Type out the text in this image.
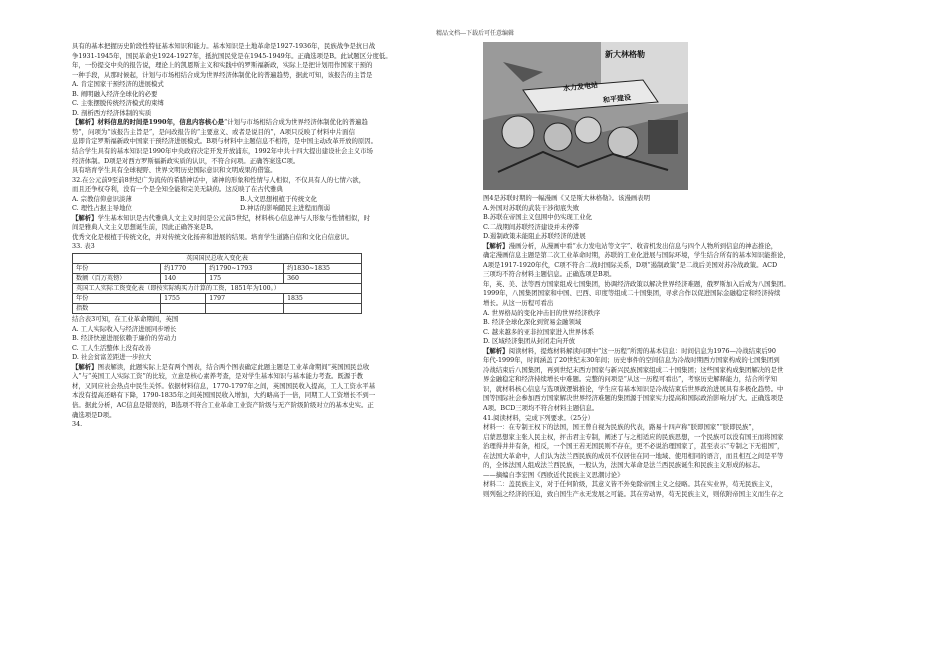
精品文档---下载后可任意编辑

具有的基本把握历史阶段性特征基本知识和能力。基本知识是土地革命是1927-1936年，民族战争是抗日战

争1931-1945年，国民革命史1924-1927年，抵抗国民党是在1945-1949年。正确选项是B。此试题区分度低。

年，一份提交中央的报告说，理论上的凯恩斯主义和实践中的罗斯福新政，实际上是把计划用作国家干预的

一种手段，从那时候起，计划与市场相结合成为世界经济体制优化的普遍趋势，据此可知，该报告的主旨是

A. 肯定国家干预经济的进展模式

B. 阐明融入经济全球化的必要

C. 主张摆脱传统经济模式的束缚

D. 剖析西方经济体制的实质

【解析】材料信息的时间是1990年，信息内容核心是“计划与市场相结合成为世界经济体制优化的普遍趋

势”，问项为“该报告主旨是”，是问改报告的“主要意义、或者是说目的”，A项只反映了材料中片面信

息即肯定罗斯福新政中国家干预经济进展模式。B项与材料中主题信息不相符，是中国主动改革开放的原因。

结合学生具有的基本知识是1990年中央政府决定开发开放浦东，1992年中共十四大提出建设社会主义市场

经济体制。D项是对西方罗斯福新政实质的认识，不符合问项。正确答案选C项。

具有培育学生具有全球视野、世界文明历史国际意识和文明成果的借鉴。

32.在公元前9至前8世纪广为流传的希腊神话中，诸神的形象和性情与人相似，不仅具有人的七情六欲，

而且还争权夺利，没有一个是全知全能和完美无缺的。这反映了在古代雅典

A. 宗教信仰意识淡薄	B.人文思想根植于传统文化

C. 理性占据主导地位	D.神话的影响随民主进程而削弱

【解析】学生基本知识是古代雅典人文主义时间是公元前5世纪，材料核心信息神与人形象与性情相似，时

间是雅典人文主义思想诞生前，因此正确答案是B。

优秀文化是根植于传统文化，并对传统文化扬弃和进展的结果。培育学生道路自信和文化自信意识。

33. 表3

英国国民总收入变化表			
年份	约1770	约1790~1793	约1830~1835
数额（百万英镑）	140	175	360
英国工人实际工资变化表（即按实际购买力计算的工资，1851年为100。）			
年份	1755	1797	1835
指数			

结合表3可知，在工业革命期间，英国

A. 工人实际收入与经济进展同步增长

B. 经济快速进展依赖于廉价的劳动力

C. 工人生活整体上没有改善

D. 社会贫富差距进一步拉大

【解析】图表解读，此题实际上是有两个图表，结合两个图表确定此题主题是工业革命期间“英国国民总收

入”与“英国工人实际工资”的比较，立意是核心素养考查，是对学生基本知识与基本能力考查。既源于教

材，又同应社会热点中民生关怀。依据材料信息，1770-1797年之间，英国国民收入提高，工人工资水平基

本没有提高还略有下降，1790-1835年之间英国国民收入增加，大约略高于一倍，同期工人工资增长不到一

倍。据此分析，AC信息是错误的，B选项不符合工业革命工业资产阶级与无产阶级阶级对立的基本史实。正

确选项是D项。

34.

新大林格勒
水力发电站
和平建设

图4是苏联时期的一幅漫画《又是斯大林格勒》。该漫画表明

A.外国对苏联的武装干涉彻底失败

B.苏联在帝国主义包围中仍实现工业化

C.二战期间苏联经济建设并未停滞

D.遏制政策未能阻止苏联经济的进展

【解析】漫画分析，从漫画中看“水力发电站等文字”、收音机发出信息与四个人物所到信息的神态推论，

确定漫画信息主题是第二次工业革命时期，苏联的工业化进展与国际环境，学生结合所有的基本知识能推论，

A项是1917-1920年代，C项不符合二战时国际关系，D项“遏制政策”是二战后美国对苏冷战政策。ACD

三项均不符合材料主题信息。正确选项是B项。

年，英、美、法等西方国家组成七国集团，协调经济政策以解决世界经济难题，俄罗斯加入后成为八国集团。

1999年，八国集团国家和中国、巴西、印度等组成二十国集团，寻求合作以促进国际金融稳定和经济持续

增长。从这一历程可看出

A. 世界格局的变化冲击旧的世界经济秩序

B. 经济全球化深化到贸易金融领域

C. 越来越多的亚非拉国家进入世界体系

D. 区域经济集团从封闭走向开放

【解析】阅读材料，提炼材料解读问项中“这一历程”所需的基本信息：时间信息为1976—冷战结束后90

年代-1999年，时间涵盖了20世纪末30年间；历史事件的空间信息为冷战时期西方国家构成的七国集团到

冷战结束后八国集团，再到世纪末西方国家与新兴民族国家组成二十国集团；这些国家构成集团解决的是世

界金融稳定和经济持续增长中难题。完整的问项是“从这一历程可看出”，考察历史解释能力，结合所学知

识，就材料核心信息与选项做逻辑推论，学生应有基本知识是冷战结束后世界政治进展具有多极化趋势。中

国等国际社会参加西方国家解决世界经济难题的集团源于国家实力提高和国际政治影响力扩大。正确选项是

A项。BCD三项均不符合材料主题信息。

41.阅读材料，完成下列要求。（25分）

材料一：在专制王权下的法国，国王曾自视为民族的代表，路易十四声称“朕即国家”“朕即民族”，

启蒙思想家主张人民主权，抨击君主专制，阐述了与之相适应的民族思想，一个民族可以没有国王而将国家

治理得井井有条，相反，一个国王若无国民则不存在，更不必说治理国家了，甚至表示“专制之下无祖国”，

在法国大革命中，人们认为法兰西民族的成员不仅居住在同一地域、使用相同的语言，而且相互之间是平等

的，全体法国人组成法兰西民族，一般认为，法国大革命是法兰西民族诞生和民族主义形成的标志。

——摘编自李宏图《西欧近代民族主义思潮讨论》

材料二：盖民族主义，对于任何阶级，其意义皆不外免除帝国主义之侵略。其在实业界，苟无民族主义，

则列强之经济的压迫，致自国生产永无发展之可能。其在劳动界，苟无民族主义，则依附帝国主义而生存之
